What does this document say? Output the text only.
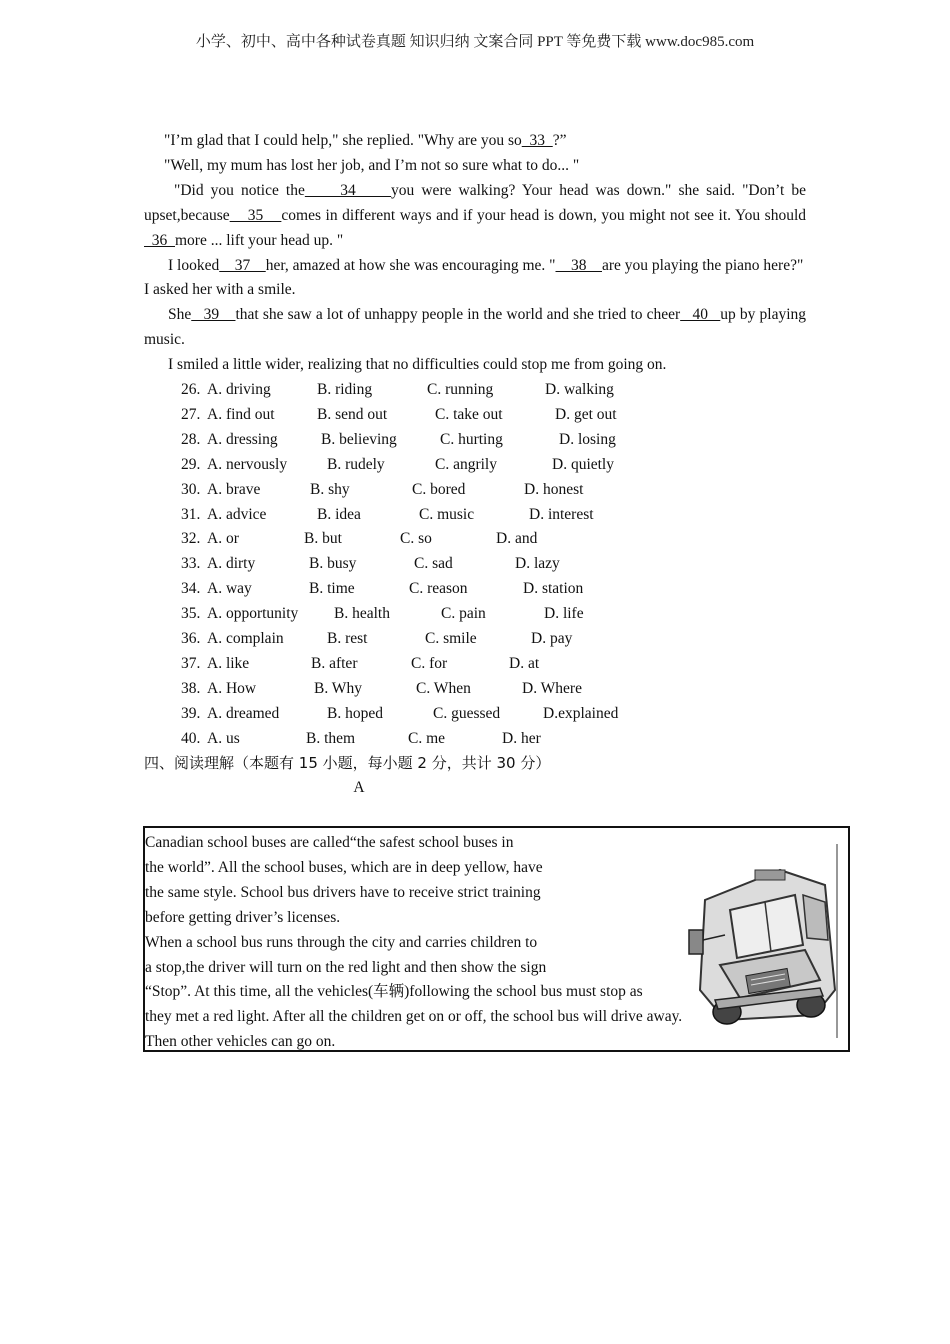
小学、初中、高中各种试卷真题 知识归纳 文案合同 PPT 等免费下载 www.doc985.com

"I’m glad that I could help," she replied. "Why are you so  33  ?”

"Well, my mum has lost her job, and I’m not so sure what to do... "

"Did you notice the     34     you were walking? Your head was down." she said. "Don’t be upset,because    35    comes in different ways and if your head is down, you might not see it. You should  36  more ... lift your head up. "

I looked    37    her, amazed at how she was encouraging me. "    38    are you playing the piano here?"

I asked her with a smile.

She   39    that she saw a lot of unhappy people in the world and she tried to cheer   40   up by playing music.

I smiled a little wider, realizing that no difficulties could stop me from going on.

26. A. driving	B. riding	C. running	D. walking
27. A. find out	B. send out	C. take out	D. get out
28. A. dressing	B. believing	C. hurting	D. losing
29. A. nervously	B. rudely	C. angrily	D. quietly
30. A. brave	B. shy	C. bored	D. honest
31. A. advice	B. idea	C. music	D. interest
32. A. or	B. but	C. so	D. and
33. A. dirty	B. busy	C. sad	D. lazy
34. A. way	B. time	C. reason	D. station
35. A. opportunity B. health	C. pain	D. life
36. A. complain	B. rest	C. smile	D. pay
37. A. like	B. after	C. for	D. at
38. A. How	B. Why	C. When	D. Where
39. A. dreamed	B. hoped	C. guessed	D.explained
40. A. us	B. them	C. me	D. her

四、阅读理解（本题有 15 小题，每小题 2 分，共计 30 分）

A

Canadian school buses are called“the safest school buses in
the world”. All the school buses, which are in deep yellow, have
the same style. School bus drivers have to receive strict training
before getting driver’s licenses.
When a school bus runs through the city and carries children to
a stop,the driver will turn on the red light and then show the sign
“Stop”. At this time, all the vehicles(车辆)following the school bus must stop as
they met a red light. After all the children get on or off, the school bus will drive away.
Then other vehicles can go on.
